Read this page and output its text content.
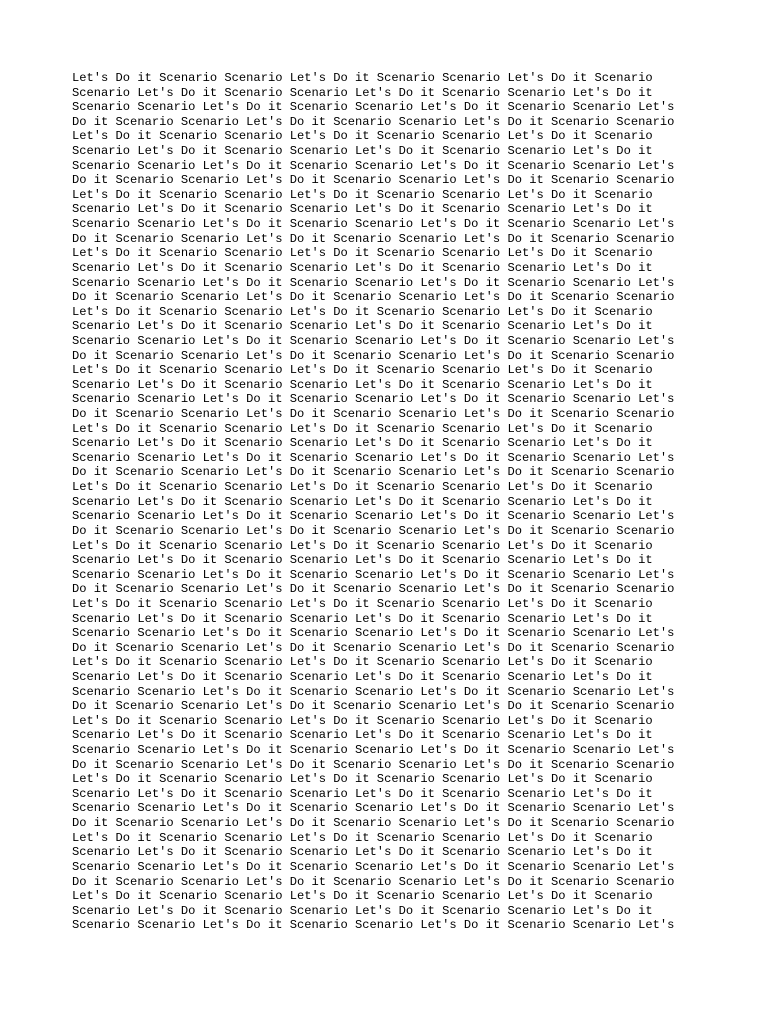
Let's Do it Scenario Scenario Let's Do it Scenario Scenario Let's Do it Scenario
Scenario Let's Do it Scenario Scenario Let's Do it Scenario Scenario Let's Do it
Scenario Scenario Let's Do it Scenario Scenario Let's Do it Scenario Scenario Let's
Do it Scenario Scenario Let's Do it Scenario Scenario Let's Do it Scenario Scenario
Let's Do it Scenario Scenario Let's Do it Scenario Scenario Let's Do it Scenario
Scenario Let's Do it Scenario Scenario Let's Do it Scenario Scenario Let's Do it
Scenario Scenario Let's Do it Scenario Scenario Let's Do it Scenario Scenario Let's
Do it Scenario Scenario Let's Do it Scenario Scenario Let's Do it Scenario Scenario
Let's Do it Scenario Scenario Let's Do it Scenario Scenario Let's Do it Scenario
Scenario Let's Do it Scenario Scenario Let's Do it Scenario Scenario Let's Do it
Scenario Scenario Let's Do it Scenario Scenario Let's Do it Scenario Scenario Let's
Do it Scenario Scenario Let's Do it Scenario Scenario Let's Do it Scenario Scenario
Let's Do it Scenario Scenario Let's Do it Scenario Scenario Let's Do it Scenario
Scenario Let's Do it Scenario Scenario Let's Do it Scenario Scenario Let's Do it
Scenario Scenario Let's Do it Scenario Scenario Let's Do it Scenario Scenario Let's
Do it Scenario Scenario Let's Do it Scenario Scenario Let's Do it Scenario Scenario
Let's Do it Scenario Scenario Let's Do it Scenario Scenario Let's Do it Scenario
Scenario Let's Do it Scenario Scenario Let's Do it Scenario Scenario Let's Do it
Scenario Scenario Let's Do it Scenario Scenario Let's Do it Scenario Scenario Let's
Do it Scenario Scenario Let's Do it Scenario Scenario Let's Do it Scenario Scenario
Let's Do it Scenario Scenario Let's Do it Scenario Scenario Let's Do it Scenario
Scenario Let's Do it Scenario Scenario Let's Do it Scenario Scenario Let's Do it
Scenario Scenario Let's Do it Scenario Scenario Let's Do it Scenario Scenario Let's
Do it Scenario Scenario Let's Do it Scenario Scenario Let's Do it Scenario Scenario
Let's Do it Scenario Scenario Let's Do it Scenario Scenario Let's Do it Scenario
Scenario Let's Do it Scenario Scenario Let's Do it Scenario Scenario Let's Do it
Scenario Scenario Let's Do it Scenario Scenario Let's Do it Scenario Scenario Let's
Do it Scenario Scenario Let's Do it Scenario Scenario Let's Do it Scenario Scenario
Let's Do it Scenario Scenario Let's Do it Scenario Scenario Let's Do it Scenario
Scenario Let's Do it Scenario Scenario Let's Do it Scenario Scenario Let's Do it
Scenario Scenario Let's Do it Scenario Scenario Let's Do it Scenario Scenario Let's
Do it Scenario Scenario Let's Do it Scenario Scenario Let's Do it Scenario Scenario
Let's Do it Scenario Scenario Let's Do it Scenario Scenario Let's Do it Scenario
Scenario Let's Do it Scenario Scenario Let's Do it Scenario Scenario Let's Do it
Scenario Scenario Let's Do it Scenario Scenario Let's Do it Scenario Scenario Let's
Do it Scenario Scenario Let's Do it Scenario Scenario Let's Do it Scenario Scenario
Let's Do it Scenario Scenario Let's Do it Scenario Scenario Let's Do it Scenario
Scenario Let's Do it Scenario Scenario Let's Do it Scenario Scenario Let's Do it
Scenario Scenario Let's Do it Scenario Scenario Let's Do it Scenario Scenario Let's
Do it Scenario Scenario Let's Do it Scenario Scenario Let's Do it Scenario Scenario
Let's Do it Scenario Scenario Let's Do it Scenario Scenario Let's Do it Scenario
Scenario Let's Do it Scenario Scenario Let's Do it Scenario Scenario Let's Do it
Scenario Scenario Let's Do it Scenario Scenario Let's Do it Scenario Scenario Let's
Do it Scenario Scenario Let's Do it Scenario Scenario Let's Do it Scenario Scenario
Let's Do it Scenario Scenario Let's Do it Scenario Scenario Let's Do it Scenario
Scenario Let's Do it Scenario Scenario Let's Do it Scenario Scenario Let's Do it
Scenario Scenario Let's Do it Scenario Scenario Let's Do it Scenario Scenario Let's
Do it Scenario Scenario Let's Do it Scenario Scenario Let's Do it Scenario Scenario
Let's Do it Scenario Scenario Let's Do it Scenario Scenario Let's Do it Scenario
Scenario Let's Do it Scenario Scenario Let's Do it Scenario Scenario Let's Do it
Scenario Scenario Let's Do it Scenario Scenario Let's Do it Scenario Scenario Let's
Do it Scenario Scenario Let's Do it Scenario Scenario Let's Do it Scenario Scenario
Let's Do it Scenario Scenario Let's Do it Scenario Scenario Let's Do it Scenario
Scenario Let's Do it Scenario Scenario Let's Do it Scenario Scenario Let's Do it
Scenario Scenario Let's Do it Scenario Scenario Let's Do it Scenario Scenario Let's
Do it Scenario Scenario Let's Do it Scenario Scenario Let's Do it Scenario Scenario
Let's Do it Scenario Scenario Let's Do it Scenario Scenario Let's Do it Scenario
Scenario Let's Do it Scenario Scenario Let's Do it Scenario Scenario Let's Do it
Scenario Scenario Let's Do it Scenario Scenario Let's Do it Scenario Scenario Let's
